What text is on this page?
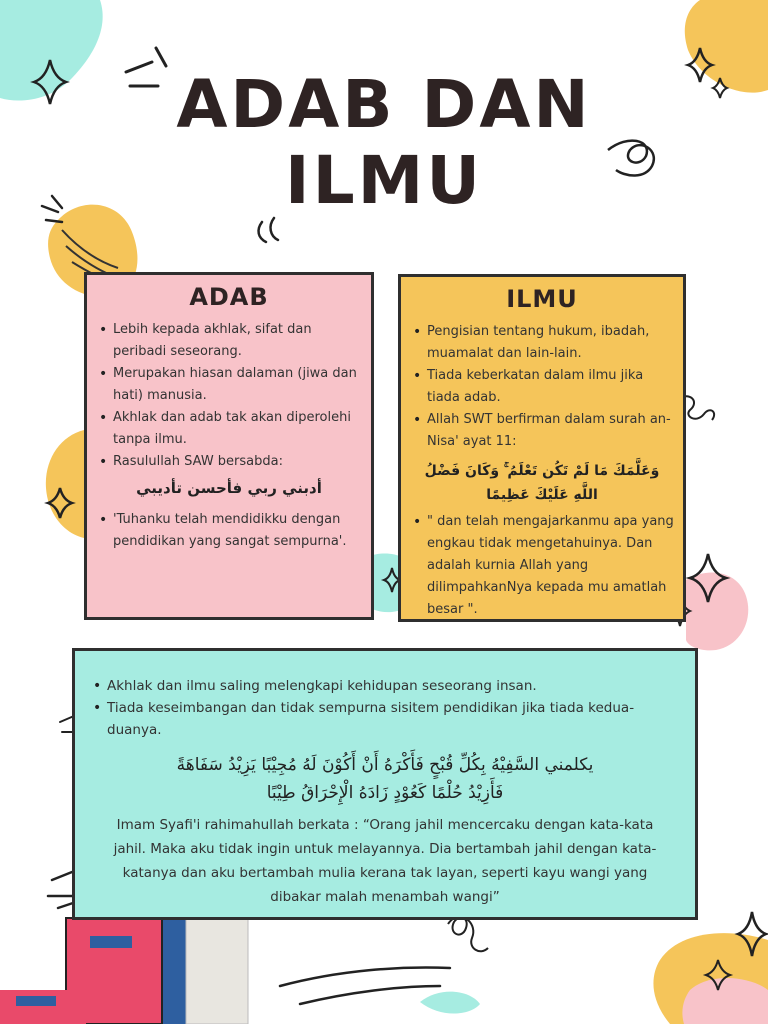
ADAB DAN
ILMU
ADAB
• Lebih kepada akhlak, sifat dan peribadi seseorang.
• Merupakan hiasan dalaman (jiwa dan hati) manusia.
• Akhlak dan adab tak akan diperolehi tanpa ilmu.
• Rasulullah SAW bersabda:
أدبني ربي فأحسن تأديبي
• 'Tuhanku telah mendidikku dengan pendidikan yang sangat sempurna'.
ILMU
• Pengisian tentang hukum, ibadah, muamalat dan lain-lain.
• Tiada keberkatan dalam ilmu jika tiada adab.
• Allah SWT berfirman dalam surah an-Nisa' ayat 11:
وَعَلَّمَكَ مَا لَمْ تَكُن تَعْلَمُ ۚ وَكَانَ فَضْلُ
اللَّهِ عَلَيْكَ عَظِيمًا
• " dan telah mengajarkanmu apa yang engkau tidak mengetahuinya. Dan adalah kurnia Allah yang dilimpahkanNya kepada mu amatlah besar ".
• Akhlak dan ilmu saling melengkapi kehidupan seseorang insan.
• Tiada keseimbangan dan tidak sempurna sisitem pendidikan jika tiada kedua-duanya.
يكلمني السَّفِيْهُ بِكُلِّ قُبْحٍ فَأَكْرَهُ أَنْ أَكُوْنَ لَهُ مُجِيْبًا يَزِيْدُ سَفَاهَةً
فَأَزِيْدُ حُلْمًا كَعُوْدٍ زَادَهُ الْإِحْرَاقُ طِيْبًا
Imam Syafi'i rahimahullah berkata : “Orang jahil mencercaku dengan kata-kata jahil. Maka aku tidak ingin untuk melayannya. Dia bertambah jahil dengan kata-katanya dan aku bertambah mulia kerana tak layan, seperti kayu wangi yang dibakar malah menambah wangi”
